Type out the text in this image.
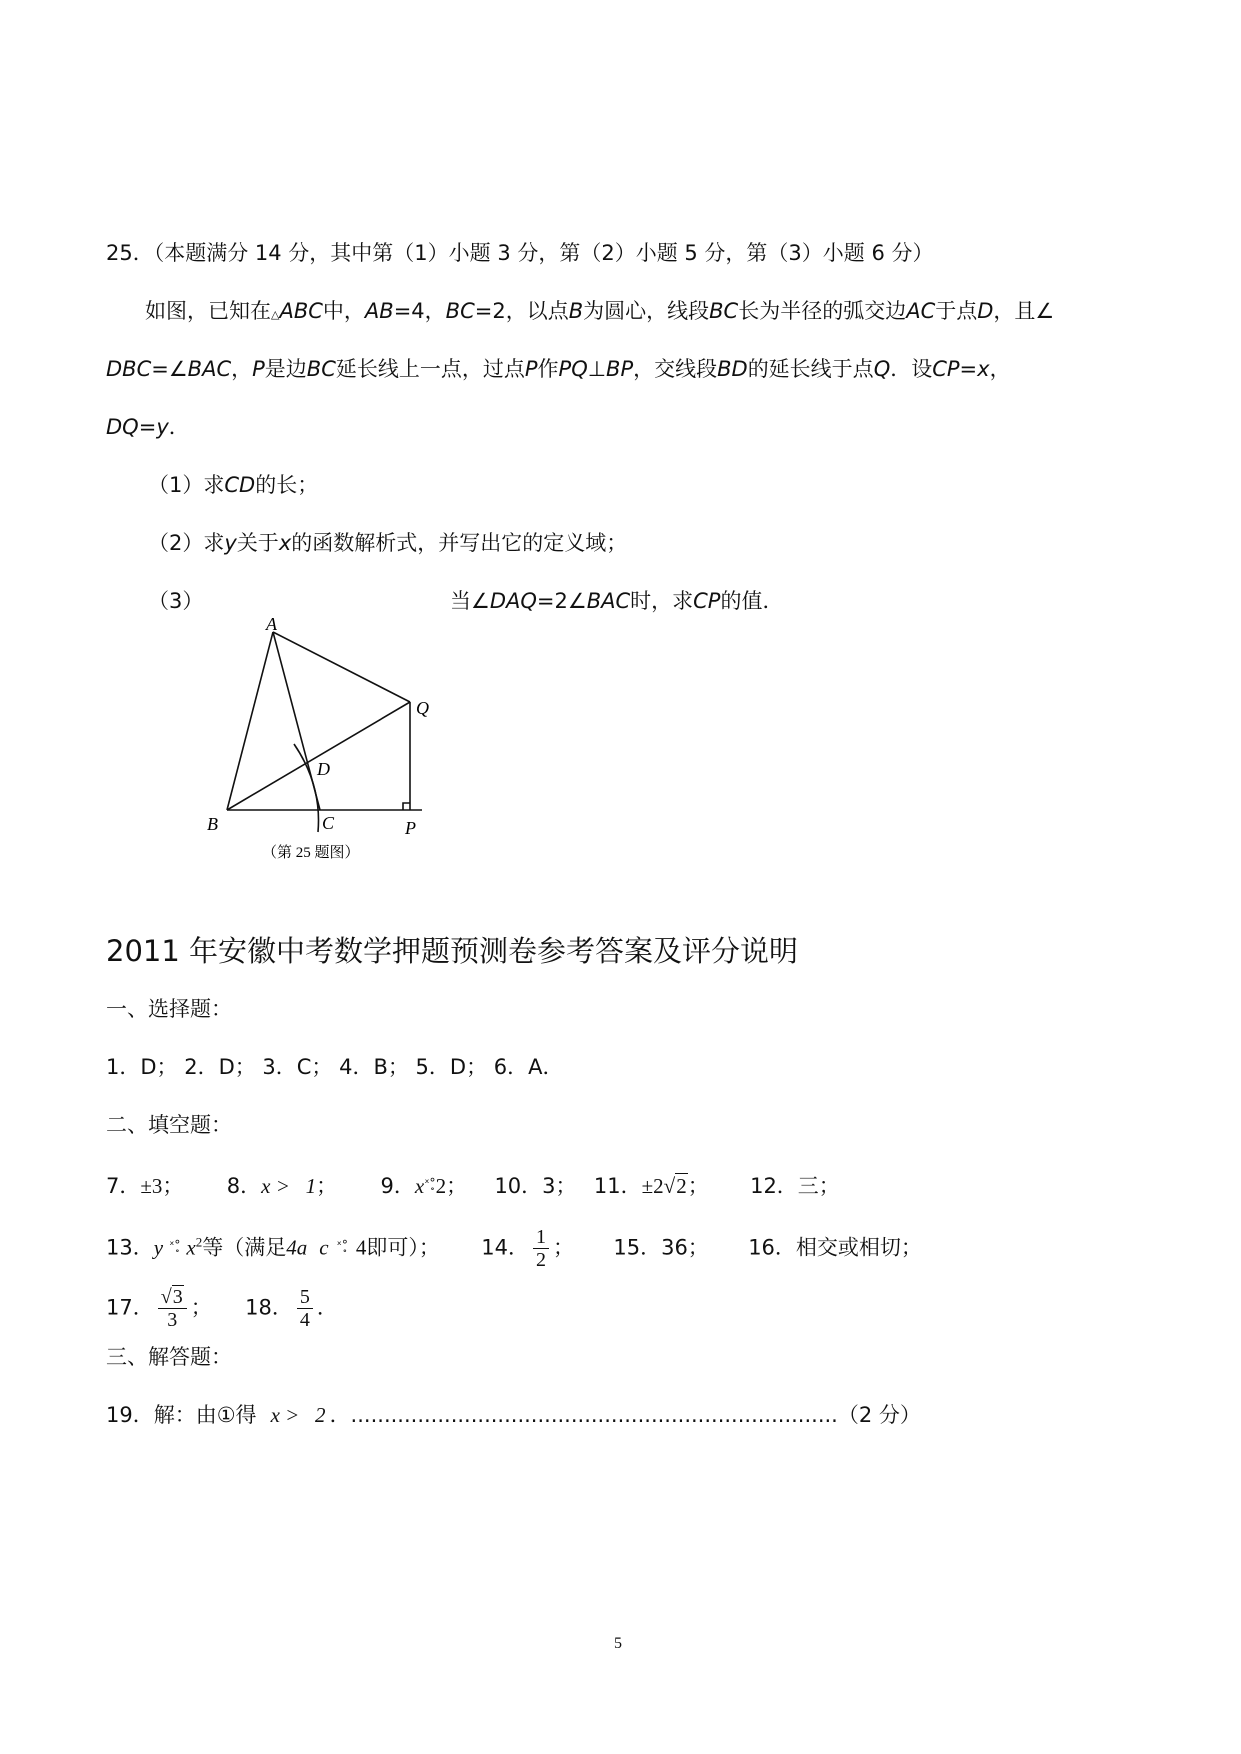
25．（本题满分 14 分，其中第（1）小题 3 分，第（2）小题 5 分，第（3）小题 6 分）
如图，已知在△ABC中，AB=4，BC=2，以点B为圆心，线段BC长为半径的弧交边AC于点D，且∠
DBC=∠BAC，P是边BC延长线上一点，过点P作PQ⊥BP，交线段BD的延长线于点Q．设CP=x，
DQ=y．
（1）求CD的长；
（2）求y关于x的函数解析式，并写出它的定义域；
（3）	当∠DAQ=2∠BAC时，求CP的值．
A
Q
D
B	C	P
（第 25 题图）
2011 年安徽中考数学押题预测卷参考答案及评分说明
一、选择题：
1．D； 2．D； 3．C； 4．B； 5．D； 6．A．
二、填空题：
7．±3； 8．x >   1； 9．$x^{ˣ^\circ̥}2$； 10．3； 11．±2√2； 12．三；
13．y $^{ˣ^\circ̥}$ $x^2$等（满足4a c $^{ˣ^\circ̥}$ 4即可）； 14． $\frac{1}{2}$ ； 15．36； 16．相交或相切；
17． $\frac{√3}{3}$ ； 18． $\frac{5}{4}$ ．
三、解答题：
19．解：由①得 x >   2 ．.........................................................................（2 分）
5
